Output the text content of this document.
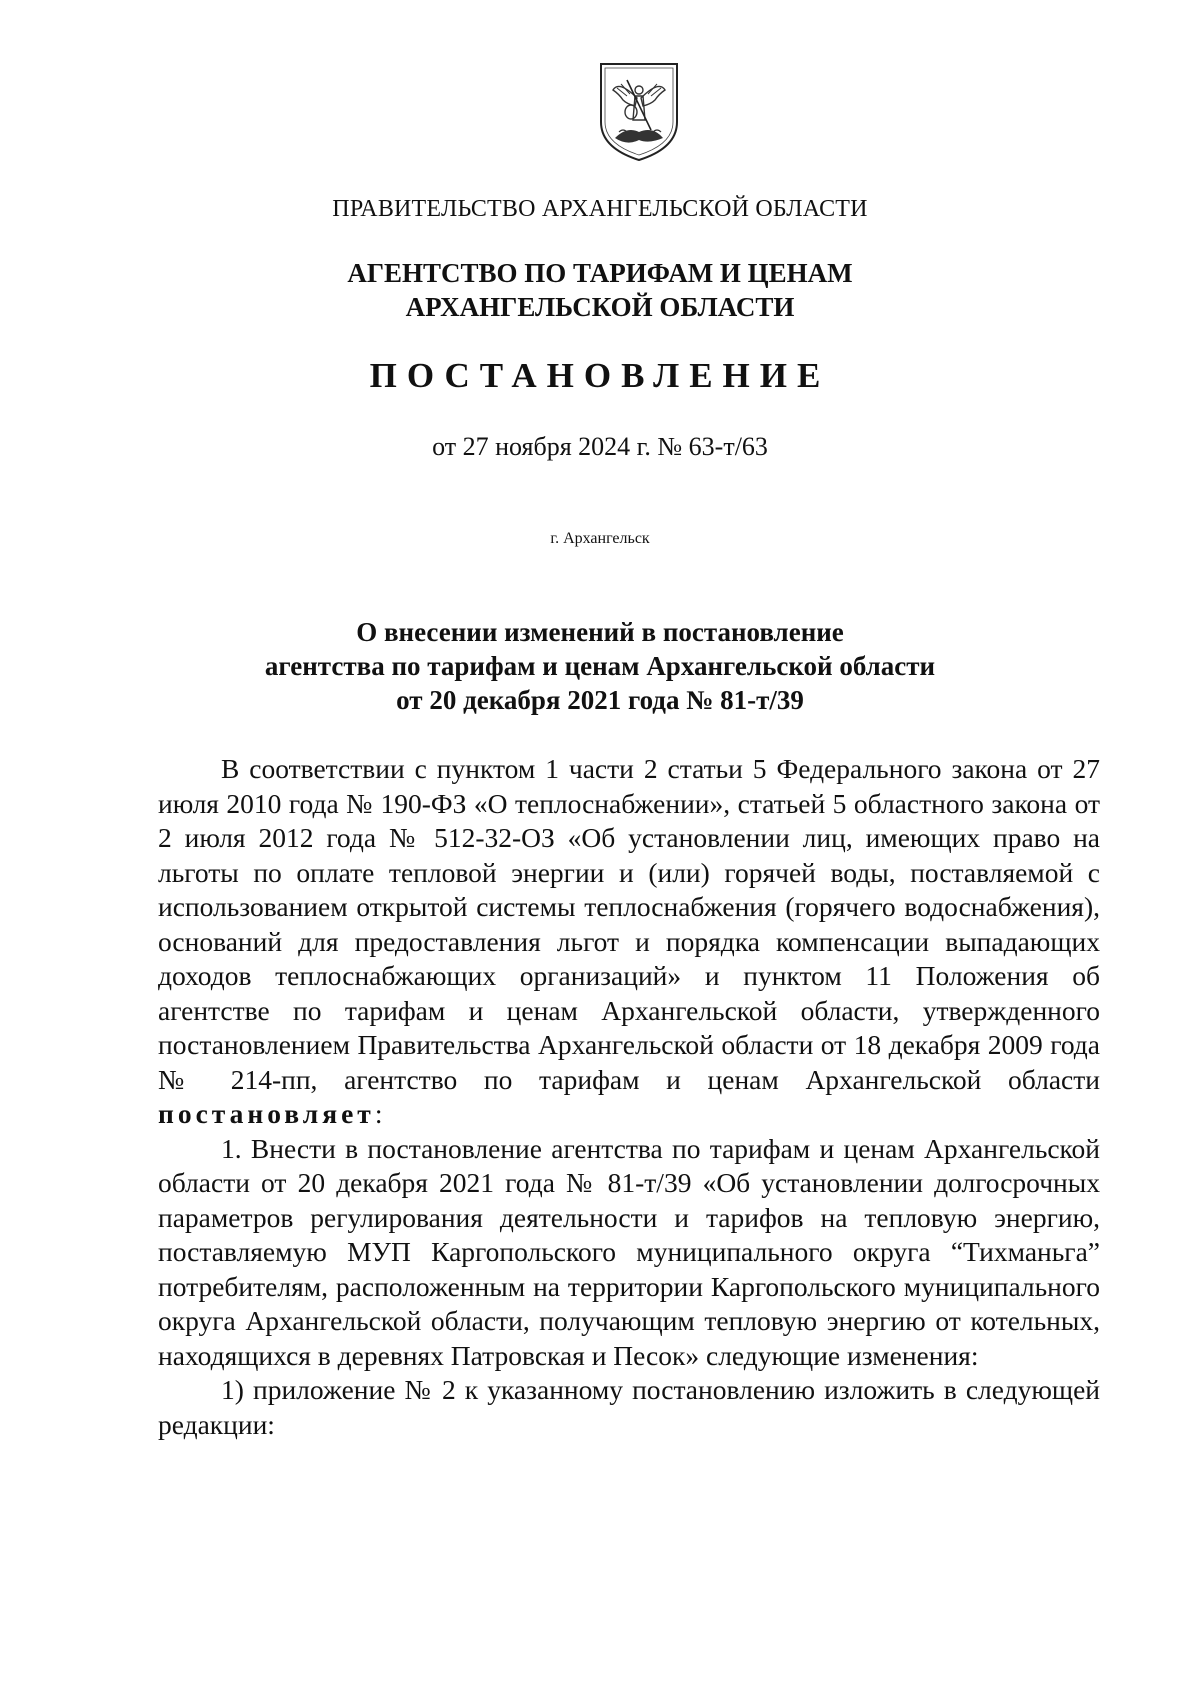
ПРАВИТЕЛЬСТВО АРХАНГЕЛЬСКОЙ ОБЛАСТИ
АГЕНТСТВО ПО ТАРИФАМ И ЦЕНАМ
АРХАНГЕЛЬСКОЙ ОБЛАСТИ
ПОСТАНОВЛЕНИЕ
от 27 ноября 2024 г. № 63-т/63
г. Архангельск
О внесении изменений в постановление
агентства по тарифам и ценам Архангельской области
от 20 декабря 2021 года № 81-т/39

В соответствии с пунктом 1 части 2 статьи 5 Федерального закона от 27 июля 2010 года № 190-ФЗ «О теплоснабжении», статьей 5 областного закона от 2 июля 2012 года № 512-32-ОЗ «Об установлении лиц, имеющих право на льготы по оплате тепловой энергии и (или) горячей воды, поставляемой с использованием открытой системы теплоснабжения (горячего водоснабжения), оснований для предоставления льгот и порядка компенсации выпадающих доходов теплоснабжающих организаций» и пунктом 11 Положения об агентстве по тарифам и ценам Архангельской области, утвержденного постановлением Правительства Архангельской области от 18 декабря 2009 года № 214-пп, агентство по тарифам и ценам Архангельской области постановляет:

1. Внести в постановление агентства по тарифам и ценам Архангельской области от 20 декабря 2021 года № 81-т/39 «Об установлении долгосрочных параметров регулирования деятельности и тарифов на тепловую энергию, поставляемую МУП Каргопольского муниципального округа “Тихманьга” потребителям, расположенным на территории Каргопольского муниципального округа Архангельской области, получающим тепловую энергию от котельных, находящихся в деревнях Патровская и Песок» следующие изменения:

1) приложение № 2 к указанному постановлению изложить в следующей редакции:
